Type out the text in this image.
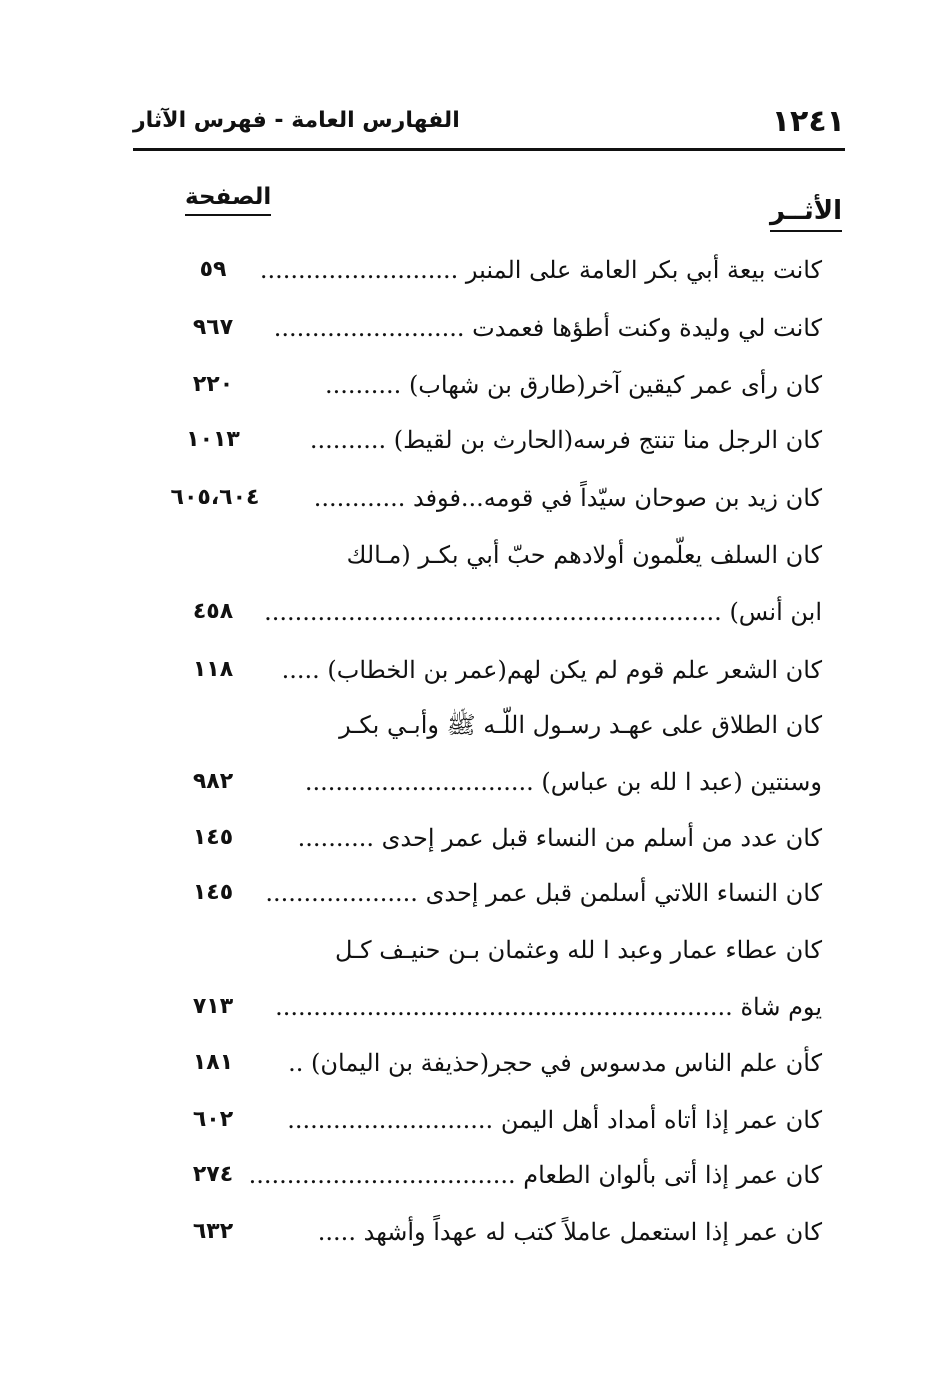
١٢٤١
الفهارس العامة - فهرس الآثار
الأثــر
الصفحة
كانت بيعة أبي بكر العامة على المنبر ..........................
٥٩
كانت لي وليدة وكنت أطؤها فعمدت .........................
٩٦٧
كان رأى عمر كيقين آخر(طارق بن شهاب) ..........
٢٢٠
كان الرجل منا تنتج فرسه(الحارث بن لقيط) ..........
١٠١٣
كان زيد بن صوحان سيّداً في قومه...فوفد ............
٦٠٥،٦٠٤
كان السلف يعلّمون أولادهم حبّ أبي بكـر (مـالك
ابن أنس) ............................................................
٤٥٨
كان الشعر علم قوم لم يكن لهم(عمر بن الخطاب) .....
١١٨
كان الطلاق على عهـد رسـول اللّـه ﷺ وأبـي بكـر
وسنتين (عبد ا لله بن عباس) ..............................
٩٨٢
كان عدد من أسلم من النساء قبل عمر إحدى ..........
١٤٥
كان النساء اللاتي أسلمن قبل عمر إحدى ....................
١٤٥
كان عطاء عمار وعبد ا لله وعثمان بـن حنيـف كـل
يوم شاة ............................................................
٧١٣
كأن علم الناس مدسوس في حجر(حذيفة بن اليمان) ..
١٨١
كان عمر إذا أتاه أمداد أهل اليمن ...........................
٦٠٢
كان عمر إذا أتى بألوان الطعام ...................................
٢٧٤
كان عمر إذا استعمل عاملاً كتب له عهداً وأشهد .....
٦٣٢
